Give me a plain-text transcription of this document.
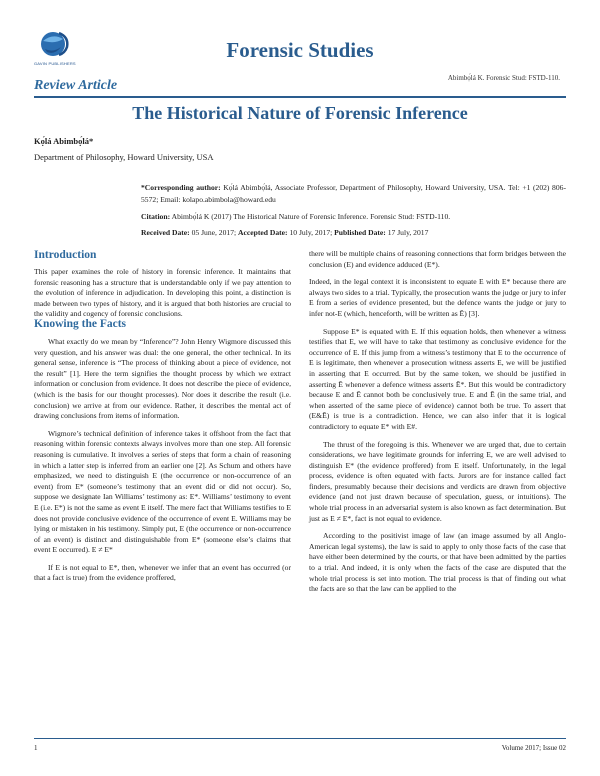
GAVIN PUBLISHERS
Forensic Studies
Review Article	Abimbọ́lá K. Forensic Stud: FSTD-110.
The Historical Nature of Forensic Inference
Kọ́lá Abimbọ́lá*
Department of Philosophy, Howard University, USA
*Corresponding author: Kọ́lá Abimbọ́lá, Associate Professor, Department of Philosophy, Howard University, USA. Tel: +1 (202) 806-5572; Email: kolapo.abimbola@howard.edu
Citation: Abimbọ́lá K (2017) The Historical Nature of Forensic Inference. Forensic Stud: FSTD-110.
Received Date: 05 June, 2017; Accepted Date: 10 July, 2017; Published Date: 17 July, 2017
Introduction

This paper examines the role of history in forensic inference. It maintains that forensic reasoning has a structure that is understandable only if we pay attention to the evolution of inference in adjudication. In developing this point, a distinction is made between two types of history, and it is argued that both histories are crucial to the validity and cogency of forensic conclusions.

Knowing the Facts

What exactly do we mean by “Inference”? John Henry Wigmore discussed this very question, and his answer was dual: the one general, the other technical. In its general sense, inference is “The process of thinking about a piece of evidence, not the result” [1]. Here the term signifies the thought process by which we extract information or conclusion from evidence. It does not describe the piece of evidence, (which is the basis for our thought processes). Nor does it describe the result (i.e. conclusion) we arrive at from our evidence. Rather, it describes the mental act of drawing conclusions from items of information.

Wigmore’s technical definition of inference takes it offshoot from the fact that reasoning within forensic contexts always involves more than one step. All forensic reasoning is cumulative. It involves a series of steps that form a chain of reasoning in which a latter step is inferred from an earlier one [2]. As Schum and others have emphasized, we need to distinguish E (the occurrence or non-occurrence of an event) from E* (someone’s testimony that an event did or did not occur). So, suppose we designate Ian Williams’ testimony as: E*. Williams’ testimony to event E (i.e. E*) is not the same as event E itself. The mere fact that Williams testifies to E does not provide conclusive evidence of the occurrence of event E. Williams may be lying or mistaken in his testimony. Simply put, E (the occurrence or non-occurrence of an event) is distinct and distinguishable from E* (someone else’s claims that event E occurred). E ≠ E*

If E is not equal to E*, then, whenever we infer that an event has occurred (or that a fact is true) from the evidence proffered,

there will be multiple chains of reasoning connections that form bridges between the conclusion (E) and evidence adduced (E*).

Indeed, in the legal context it is inconsistent to equate E with E* because there are always two sides to a trial. Typically, the prosecution wants the judge or jury to infer E from a series of evidence presented, but the defence wants the judge or jury to infer not-E (which, henceforth, will be written as Ē) [3].

Suppose E* is equated with E. If this equation holds, then whenever a witness testifies that E, we will have to take that testimony as conclusive evidence for the occurrence of E. If this jump from a witness’s testimony that E to the occurrence of E is legitimate, then whenever a prosecution witness asserts E, we will be justified in asserting that E occurred. But by the same token, we should be justified in asserting Ē whenever a defence witness asserts Ē*. But this would be contradictory because E and Ē cannot both be conclusively true. E and Ē (in the same trial, and when asserted of the same piece of evidence) cannot both be true. To assert that (E&Ē) is true is a contradiction. Hence, we can also infer that it is logical contradictory to equate E* with E#.

The thrust of the foregoing is this. Whenever we are urged that, due to certain considerations, we have legitimate grounds for inferring E, we are well advised to distinguish E* (the evidence proffered) from E itself. Unfortunately, in the legal process, evidence is often equated with facts. Jurors are for instance called fact finders, presumably because their decisions and verdicts are drawn from objective evidence (and not just drawn because of speculation, guess, or intuitions). The whole trial process in an adversarial system is also known as fact determination. But just as E ≠ E*, fact is not equal to evidence.

According to the positivist image of law (an image assumed by all Anglo-American legal systems), the law is said to apply to only those facts of the case that have either been determined by the courts, or that have been admitted by the parties to a trial. And indeed, it is only when the facts of the case are disputed that the whole trial process is set into motion. The trial process is that of finding out what the facts are so that the law can be applied to the

1	Volume 2017; Issue 02
